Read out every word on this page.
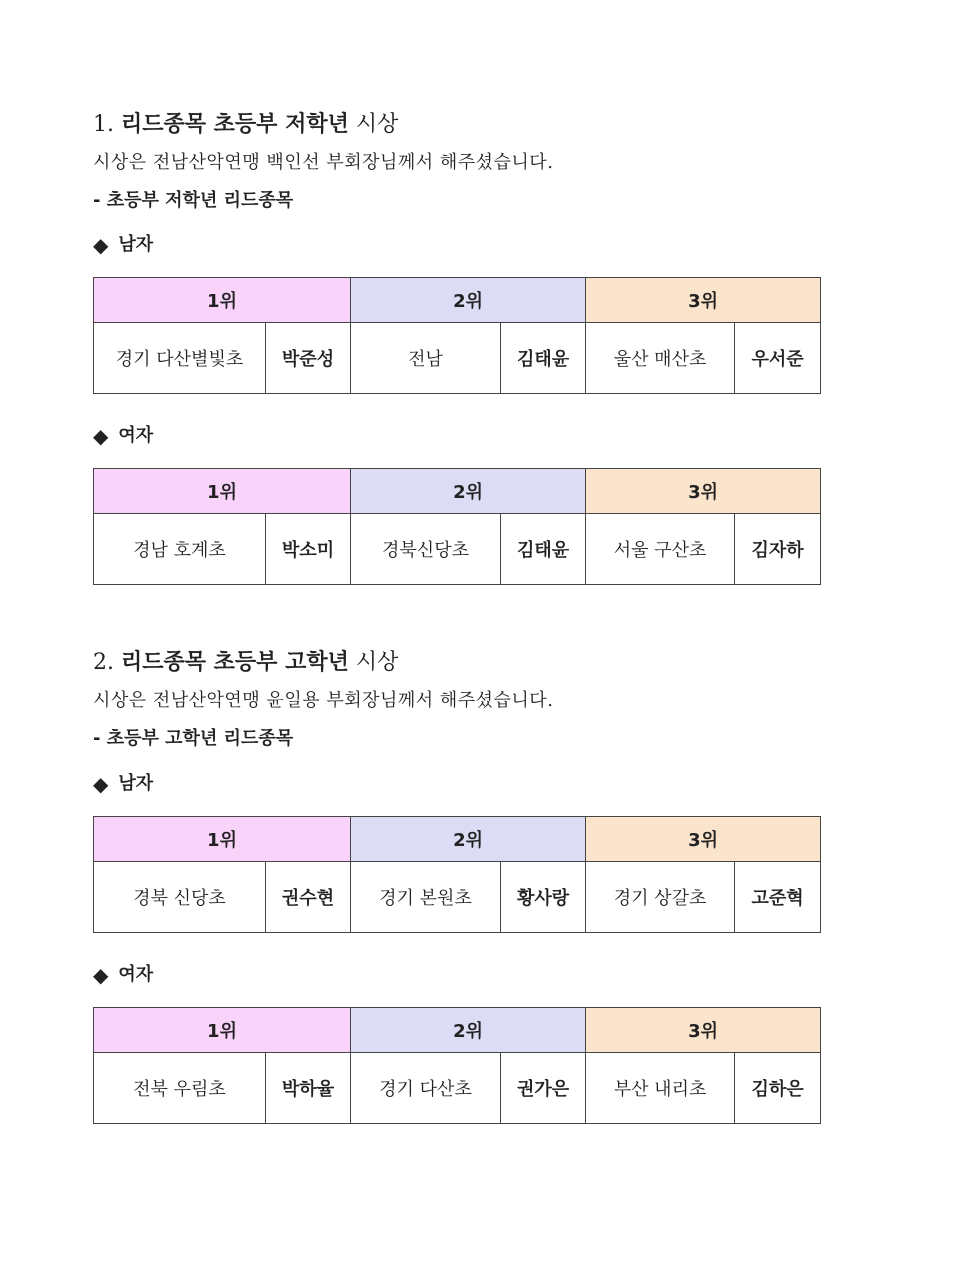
1. 리드종목 초등부 저학년 시상
시상은 전남산악연맹 백인선 부회장님께서 해주셨습니다.
- 초등부 저학년 리드종목
◆ 남자
1위		2위		3위	
경기 다산별빛초	박준성	전남	김태윤	울산 매산초	우서준
◆ 여자
1위		2위		3위	
경남 호계초	박소미	경북신당초	김태윤	서울 구산초	김자하
2. 리드종목 초등부 고학년 시상
시상은 전남산악연맹 윤일용 부회장님께서 해주셨습니다.
- 초등부 고학년 리드종목
◆ 남자
1위		2위		3위	
경북 신당초	권수현	경기 본원초	황사랑	경기 상갈초	고준혁
◆ 여자
1위		2위		3위	
전북 우림초	박하율	경기 다산초	권가은	부산 내리초	김하은
